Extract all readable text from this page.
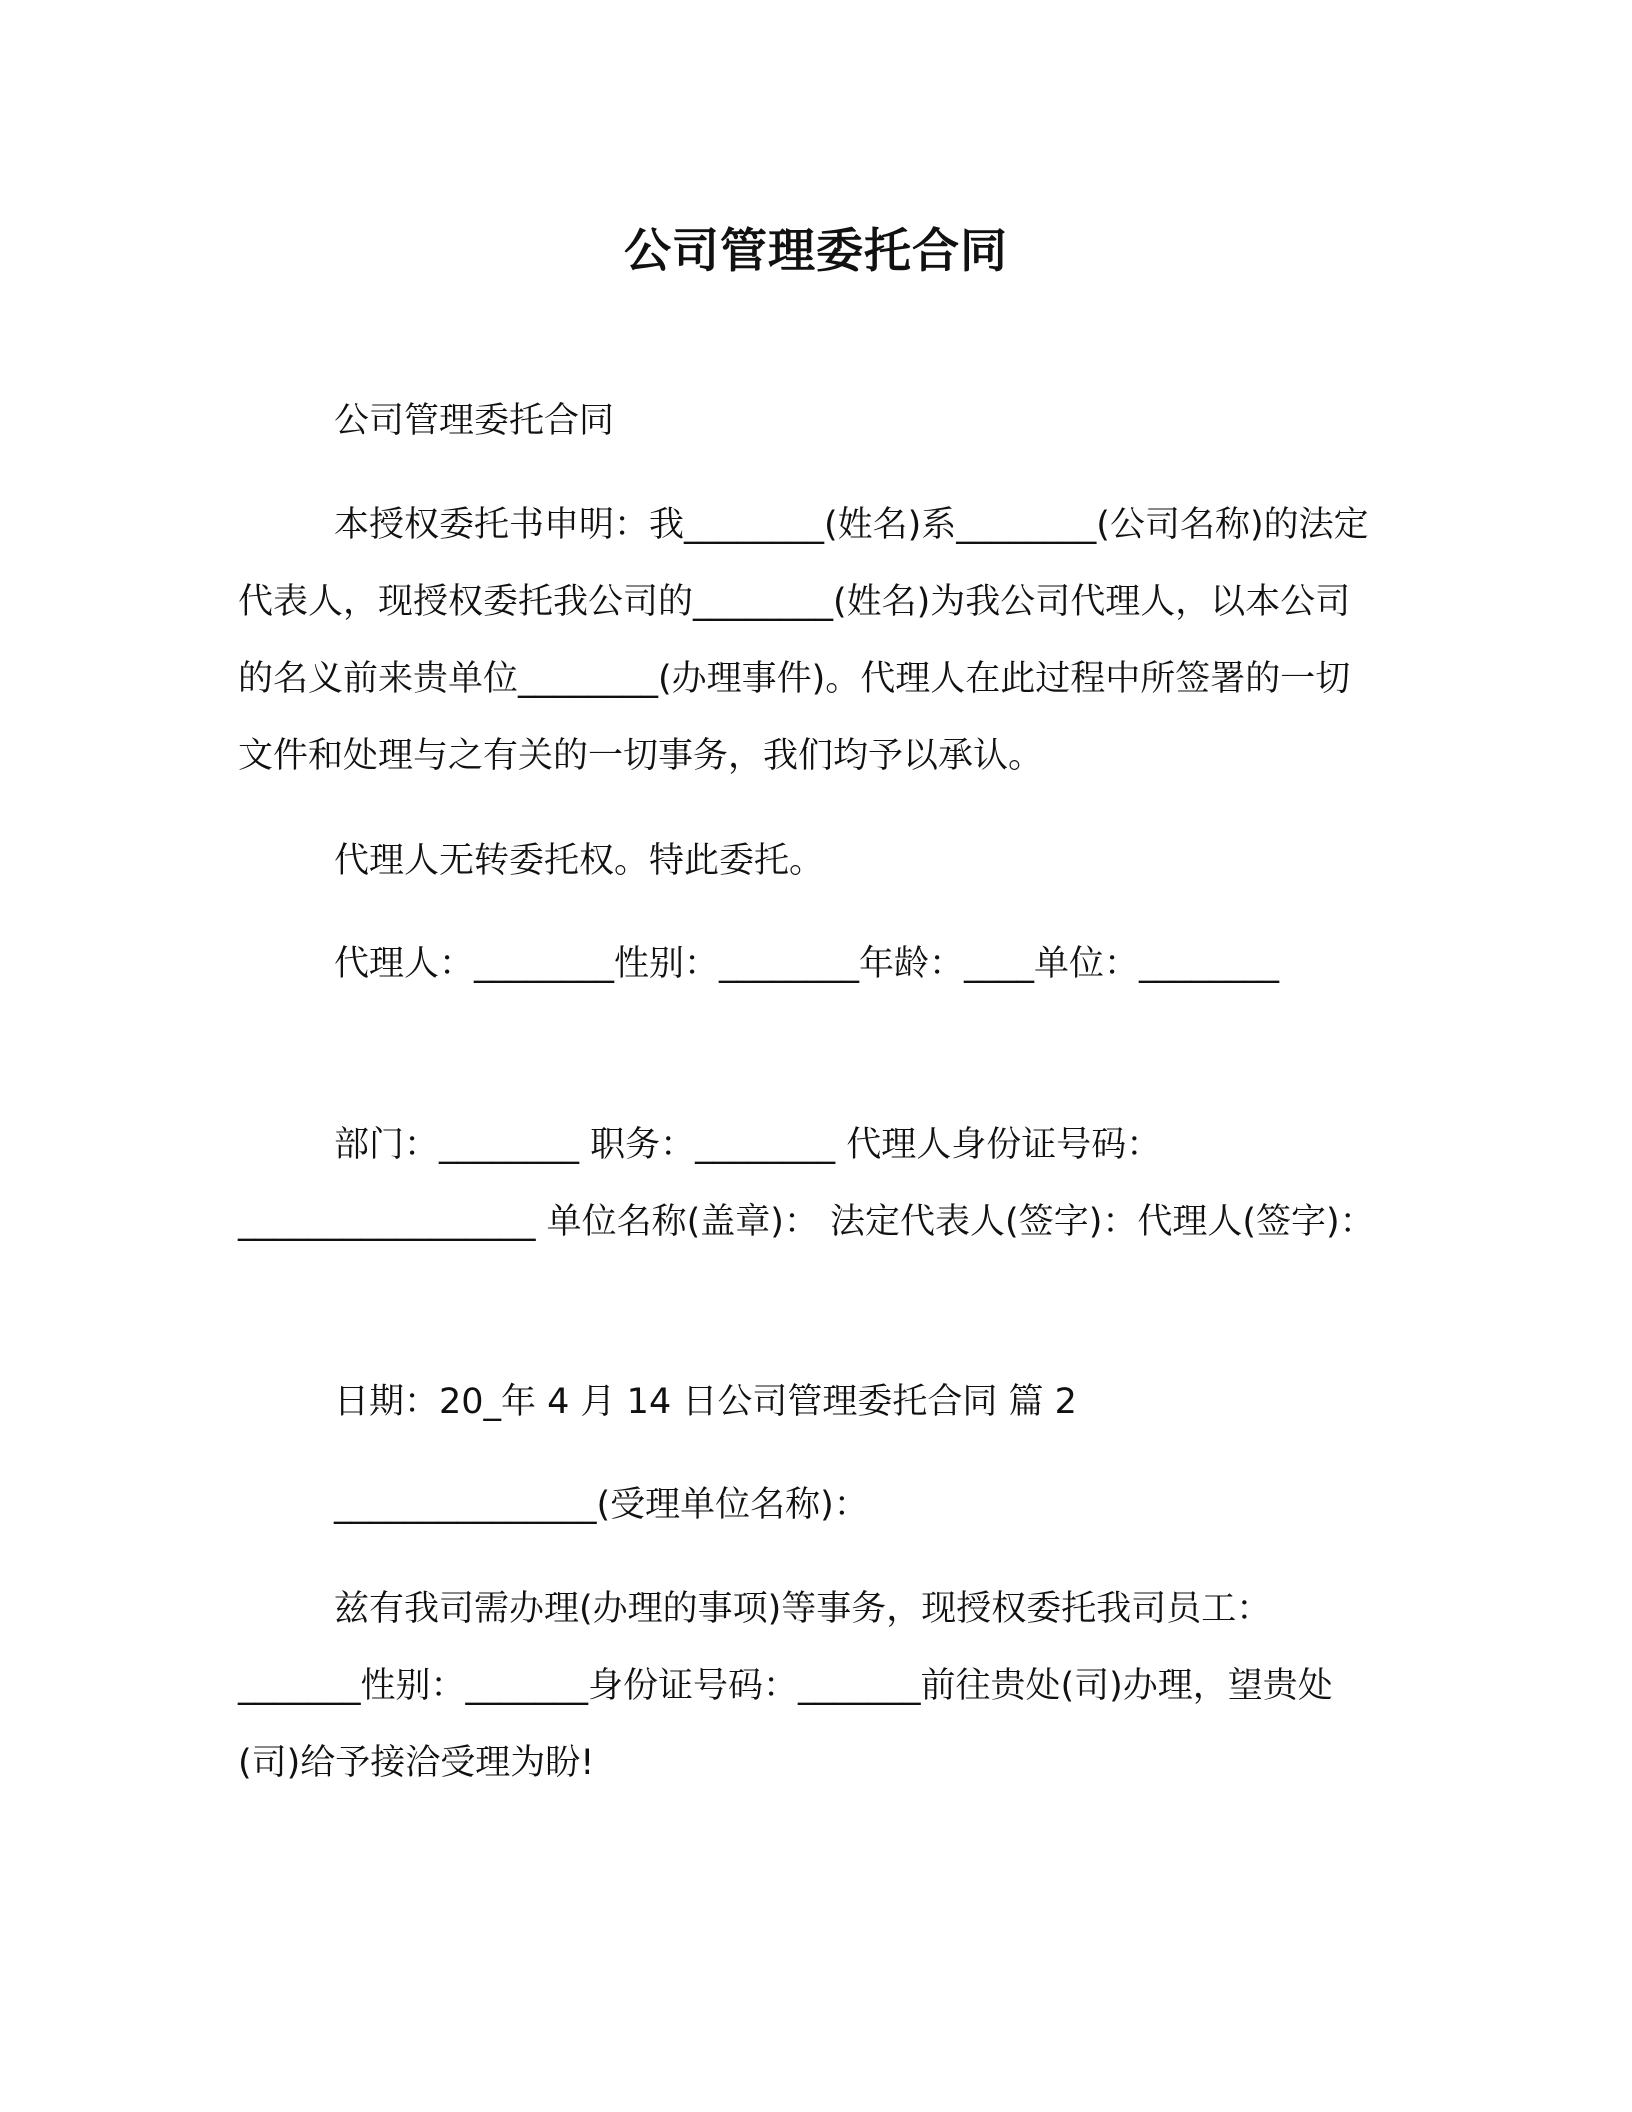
公司管理委托合同

公司管理委托合同

本授权委托书申明：我________(姓名)系________(公司名称)的法定代表人，现授权委托我公司的________(姓名)为我公司代理人，以本公司的名义前来贵单位________(办理事件)。代理人在此过程中所签署的一切文件和处理与之有关的一切事务，我们均予以承认。

代理人无转委托权。特此委托。

代理人：________性别：________年龄：____单位：________

部门：________ 职务：________ 代理人身份证号码：_________________ 单位名称(盖章)： 法定代表人(签字)：代理人(签字)：

日期：20_年 4 月 14 日公司管理委托合同 篇 2

_______________(受理单位名称)：

兹有我司需办理(办理的事项)等事务，现授权委托我司员工：_______性别：_______身份证号码：_______前往贵处(司)办理，望贵处(司)给予接洽受理为盼!
